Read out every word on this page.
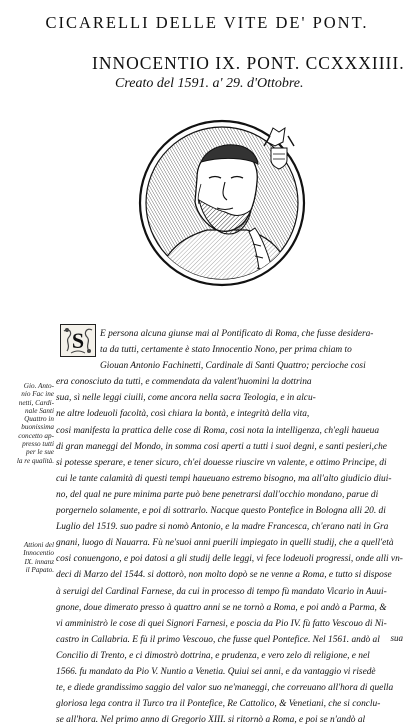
CICARELLI DELLE VITE DE' PONT.
INNOCENTIO IX. PONT. CCXXXIIII.
Creato del 1591. a' 29. d'Ottobre.
Gio. Anto-
nio Fac ine
netti, Cardi-
nale Santi
Quattro in
buonissima
concetto ap-
presso tutti
per le sue
la re qualità.
Attioni del
Innocentio
IX. innanz
il Papato.
E persona alcuna giunse mai al Pontificato di Roma, che fusse desidera-
ta da tutti, certamente è stato Innocentio Nono, per prima chiam to
Giouan Antonio Fachinetti, Cardinale di Santi Quattro; percioche cosi
era conosciuto da tutti, e commendata da valent'huomini la dottrina
sua, sì nelle leggi ciuili, come ancora nella sacra Teologia, e in alcu-
ne altre lodeuoli facoltà, così chiara la bontà, e integrità della vita,
cosi manifesta la prattica delle cose di Roma, cosi nota la intelligenza, ch'egli haueua
di gran maneggi del Mondo, in somma cosi aperti a tutti i suoi degni, e santi pesieri,che
si potesse sperare, e tener sicuro, ch'ei douesse riuscire vn valente, e ottimo Principe, di
cui le tante calamità di questi tempi haueuano estremo bisogno, ma all'alto giudicio diui-
no, del qual ne pure minima parte può bene penetrarsi dall'occhio mondano, parue di
porgernelo solamente, e poi di sottrarlo. Nacque questo Pontefice in Bologna alli 20. di
Luglio del 1519. suo padre si nomò Antonio, e la madre Francesca, ch'erano nati in Gra
gnani, luogo di Nauarra. Fù ne'suoi anni puerili impiegato in quelli studij, che a quell'età
cosi conuengono, e poi datosi a gli studij delle leggi, vi fece lodeuoli progressi, onde alli vn-
deci di Marzo del 1544. si dottorò, non molto dopò se ne venne a Roma, e tutto si dispose
à seruigi del Cardinal Farnese, da cui in processo di tempo fù mandato Vicario in Auui-
gnone, doue dimerato presso à quattro anni se ne tornò a Roma, e poi andò a Parma, &
vi amministrò le cose di quei Signori Farnesi, e poscia da Pio IV. fù fatto Vescouo di Ni-
castro in Callabria. E fù il primo Vescouo, che fusse quel Pontefice. Nel 1561. andò al
Concilio di Trento, e ci dimostrò dottrina, e prudenza, e vero zelo di religione, e nel
1566. fu mandato da Pio V. Nuntio a Venetia. Quiui sei anni, e da vantaggio vi risedè
te, e diede grandissimo saggio del valor suo ne'maneggi, che correuano all'hora di quella
gloriosa lega contra il Turco tra il Pontefice, Re Cattolico, & Venetiani, che si conclu-
se all'hora. Nel primo anno di Gregorio XIII. si ritornò a Roma, e poi se n'andò al
S
sua
